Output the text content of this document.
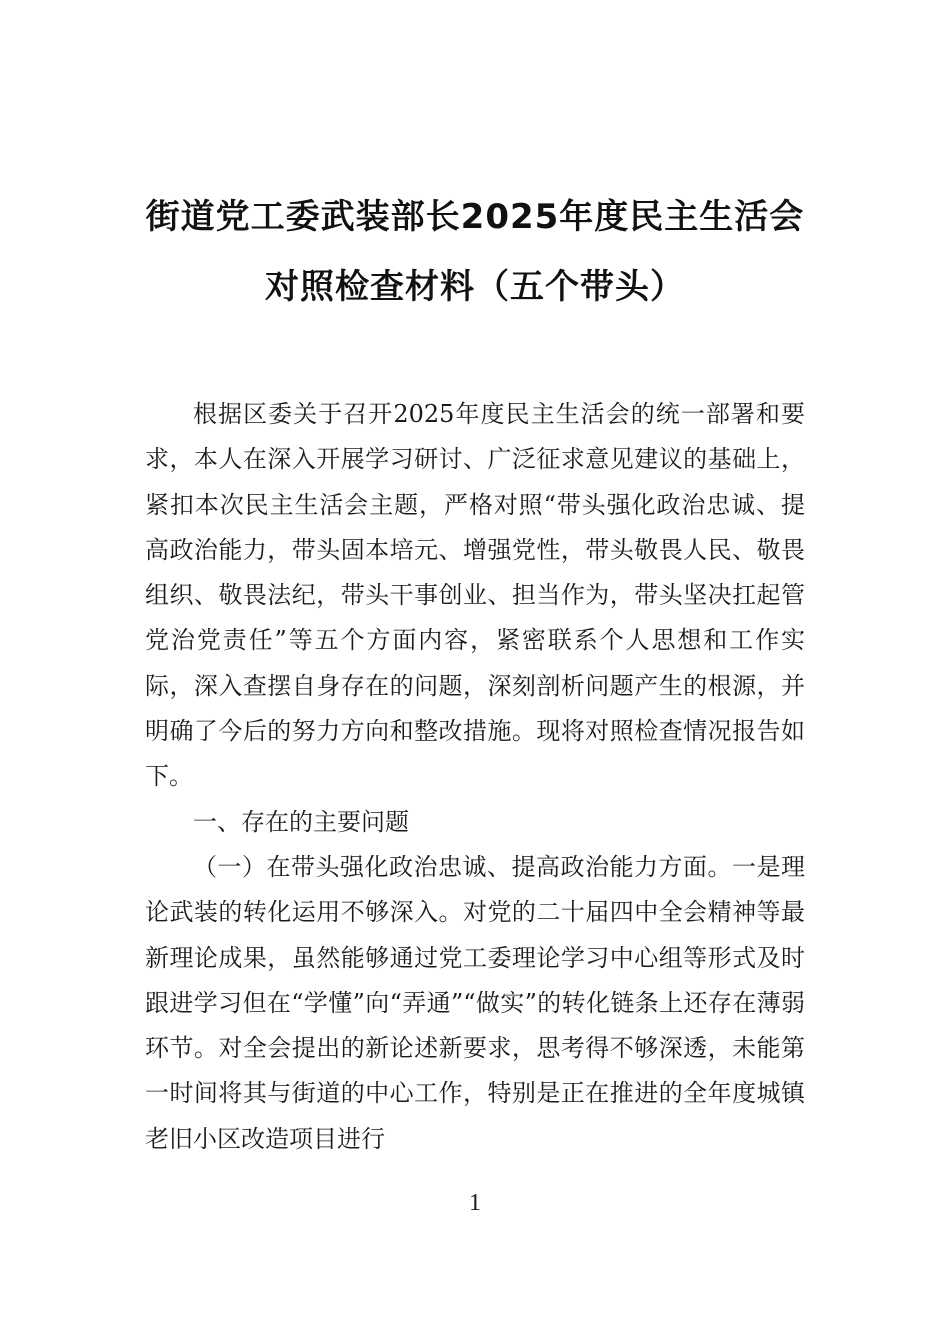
街道党工委武装部长2025年度民主生活会
对照检查材料（五个带头）

根据区委关于召开2025年度民主生活会的统一部署和要求，本人在深入开展学习研讨、广泛征求意见建议的基础上，紧扣本次民主生活会主题，严格对照“带头强化政治忠诚、提高政治能力，带头固本培元、增强党性，带头敬畏人民、敬畏组织、敬畏法纪，带头干事创业、担当作为，带头坚决扛起管党治党责任”等五个方面内容，紧密联系个人思想和工作实际，深入查摆自身存在的问题，深刻剖析问题产生的根源，并明确了今后的努力方向和整改措施。现将对照检查情况报告如下。

一、存在的主要问题

（一）在带头强化政治忠诚、提高政治能力方面。一是理论武装的转化运用不够深入。对党的二十届四中全会精神等最新理论成果，虽然能够通过党工委理论学习中心组等形式及时跟进学习但在“学懂”向“弄通”“做实”的转化链条上还存在薄弱环节。对全会提出的新论述新要求，思考得不够深透，未能第一时间将其与街道的中心工作，特别是正在推进的全年度城镇老旧小区改造项目进行

1
